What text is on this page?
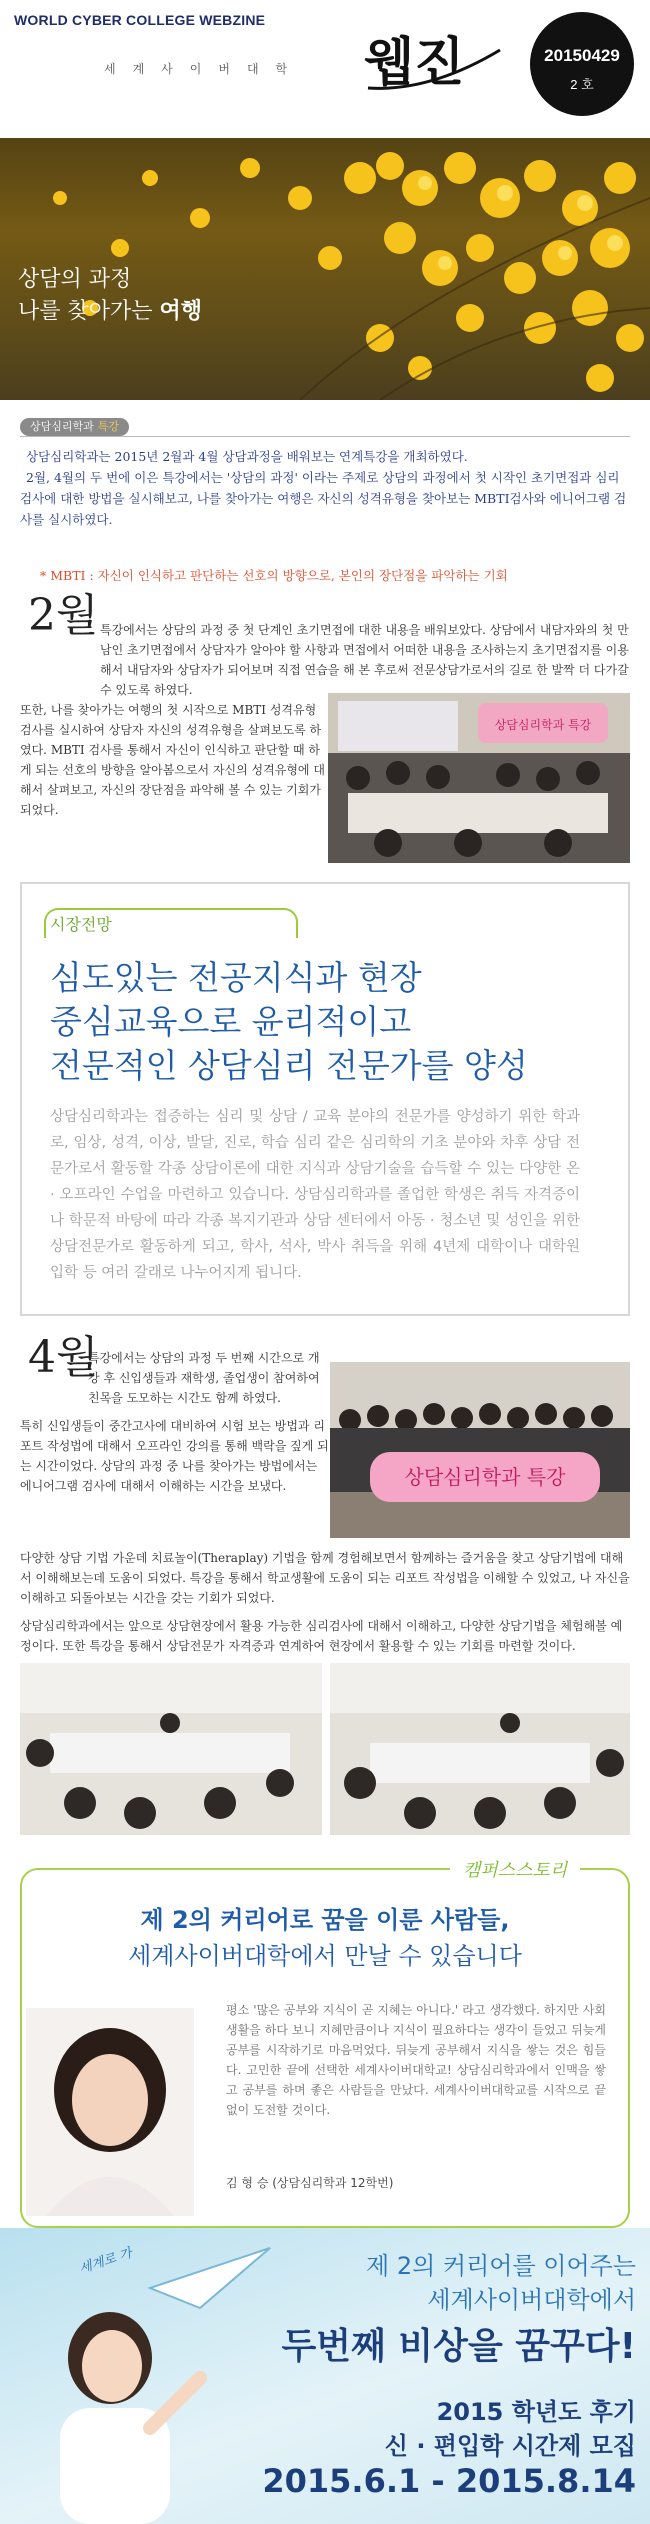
WORLD CYBER COLLEGE WEBZINE
세계사이버대학 웹진	20150429
2 호
상담의 과정
나를 찾아가는 여행
상담심리학과 특강

상담심리학과는 2015년 2월과 4월 상담과정을 배워보는 연계특강을 개최하였다.

2월, 4월의 두 번에 이은 특강에서는 '상담의 과정' 이라는 주제로 상담의 과정에서 첫 시작인 초기면접과 심리검사에 대한 방법을 실시해보고, 나를 찾아가는 여행은 자신의 성격유형을 찾아보는 MBTI검사와 에니어그램 검사를 실시하였다.

* MBTI : 자신이 인식하고 판단하는 선호의 방향으로, 본인의 장단점을 파악하는 기회
2월 특강에서는 상담의 과정 중 첫 단계인 초기면접에 대한 내용을 배워보았다. 상담에서 내담자와의 첫 만남인 초기면접에서 상담자가 알아야 할 사항과 면접에서 어떠한 내용을 조사하는지 초기면접지를 이용해서 내담자와 상담자가 되어보며 직접 연습을 해 본 후로써 전문상담가로서의 길로 한 발짝 더 다가갈 수 있도록 하였다.
또한, 나를 찾아가는 여행의 첫 시작으로 MBTI 성격유형검사를 실시하여 상담자 자신의 성격유형을 살펴보도록 하였다. MBTI 검사를 통해서 자신이 인식하고 판단할 때 하게 되는 선호의 방향을 알아봄으로서 자신의 성격유형에 대해서 살펴보고, 자신의 장단점을 파악해 볼 수 있는 기회가 되었다.
상담심리학과 특강
시장전망
심도있는 전공지식과 현장
중심교육으로 윤리적이고
전문적인 상담심리 전문가를 양성
상담심리학과는 접증하는 심리 및 상담 / 교육 분야의 전문가를 양성하기 위한 학과로, 임상, 성격, 이상, 발달, 진로, 학습 심리 같은 심리학의 기초 분야와 차후 상담 전문가로서 활동할 각종 상담이론에 대한 지식과 상담기술을 습득할 수 있는 다양한 온 · 오프라인 수업을 마련하고 있습니다. 상담심리학과를 졸업한 학생은 취득 자격증이나 학문적 바탕에 따라 각종 복지기관과 상담 센터에서 아동 · 청소년 및 성인을 위한 상담전문가로 활동하게 되고, 학사, 석사, 박사 취득을 위해 4년제 대학이나 대학원 입학 등 여러 갈래로 나누어지게 됩니다.
4월
특강에서는 상담의 과정 두 번째 시간으로 개강 후 신입생들과 재학생, 졸업생이 참여하여 친목을 도모하는 시간도 함께 하였다.
특히 신입생들이 중간고사에 대비하여 시험 보는 방법과 리포트 작성법에 대해서 오프라인 강의를 통해 백락을 짚게 되는 시간이었다. 상담의 과정 중 나를 찾아가는 방법에서는 에니어그램 검사에 대해서 이해하는 시간을 보냈다.	상담심리학과 특강

다양한 상담 기법 가운데 치료놀이(Theraplay) 기법을 함께 경험해보면서 함께하는 즐거움을 찾고 상담기법에 대해서 이해해보는데 도움이 되었다. 특강을 통해서 학교생활에 도움이 되는 리포트 작성법을 이해할 수 있었고, 나 자신을 이해하고 되돌아보는 시간을 갖는 기회가 되었다.

상담심리학과에서는 앞으로 상담현장에서 활용 가능한 심리검사에 대해서 이해하고, 다양한 상담기법을 체험해볼 예정이다. 또한 특강을 통해서 상담전문가 자격증과 연계하여 현장에서 활용할 수 있는 기회를 마련할 것이다.

캠퍼스스토리
제 2의 커리어로 꿈을 이룬 사람들,
세계사이버대학에서 만날 수 있습니다
평소 '많은 공부와 지식이 곧 지혜는 아니다.' 라고 생각했다. 하지만 사회생활을 하다 보니 지혜만큼이나 지식이 필요하다는 생각이 들었고 뒤늦게 공부를 시작하기로 마음먹었다. 뒤늦게 공부해서 지식을 쌓는 것은 힘들다. 고민한 끝에 선택한 세계사이버대학교! 상담심리학과에서 인맥을 쌓고 공부를 하며 좋은 사람들을 만났다. 세계사이버대학교를 시작으로 끝없이 도전할 것이다.
김 형 승 (상담심리학과 12학번)
세계로 가	제 2의 커리어를 이어주는
세계사이버대학에서
두번째 비상을 꿈꾸다!
2015 학년도 후기
신 · 편입학 시간제 모집
2015.6.1 - 2015.8.14
